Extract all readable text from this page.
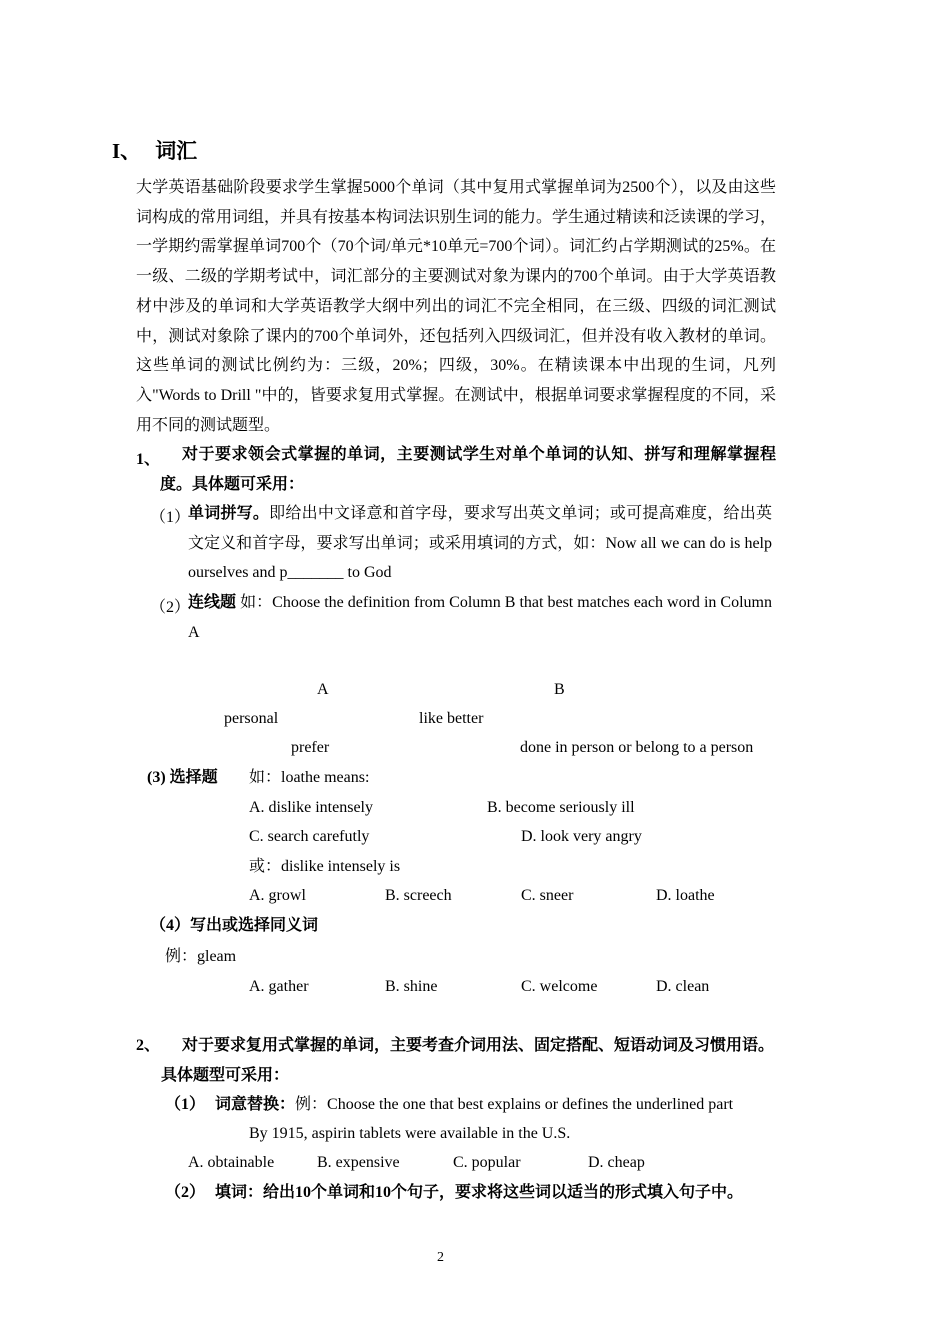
I、 词汇
大学英语基础阶段要求学生掌握5000个单词（其中复用式掌握单词为2500个），以及由这些词构成的常用词组，并具有按基本构词法识别生词的能力。学生通过精读和泛读课的学习，一学期约需掌握单词700个（70个词/单元*10单元=700个词）。词汇约占学期测试的25%。在一级、二级的学期考试中，词汇部分的主要测试对象为课内的700个单词。由于大学英语教材中涉及的单词和大学英语教学大纲中列出的词汇不完全相同，在三级、四级的词汇测试中，测试对象除了课内的700个单词外，还包括列入四级词汇，但并没有收入教材的单词。这些单词的测试比例约为：三级，20%；四级，30%。在精读课本中出现的生词，凡列入"Words to Drill "中的，皆要求复用式掌握。在测试中，根据单词要求掌握程度的不同，采用不同的测试题型。
1、	对于要求领会式掌握的单词，主要测试学生对单个单词的认知、拼写和理解掌握程度。具体题可采用：
（1）
单词拼写。即给出中文译意和首字母，要求写出英文单词；或可提高难度，给出英文定义和首字母，要求写出单词；或采用填词的方式，如：Now all we can do is help ourselves and p_______ to God
（2）
连线题 如：Choose the definition from Column B that best matches each word in Column A
A	B
personal	like better
prefer	done in person or belong to a person
(3) 选择题 如：loathe means:
A. dislike intensely	B. become seriously ill
C. search carefutly	D. look very angry
或：dislike intensely is
A. growl	B. screech	C. sneer	D. loathe
（4）写出或选择同义词
例：gleam
A. gather	B. shine	C. welcome	D. clean
2、 对于要求复用式掌握的单词，主要考查介词用法、固定搭配、短语动词及习惯用语。
具体题型可采用：
（1） 词意替换：例：Choose the one that best explains or defines the underlined part
By 1915, aspirin tablets were available in the U.S.
A. obtainable	B. expensive	C. popular	D. cheap
（2） 填词：给出10个单词和10个句子，要求将这些词以适当的形式填入句子中。
2
